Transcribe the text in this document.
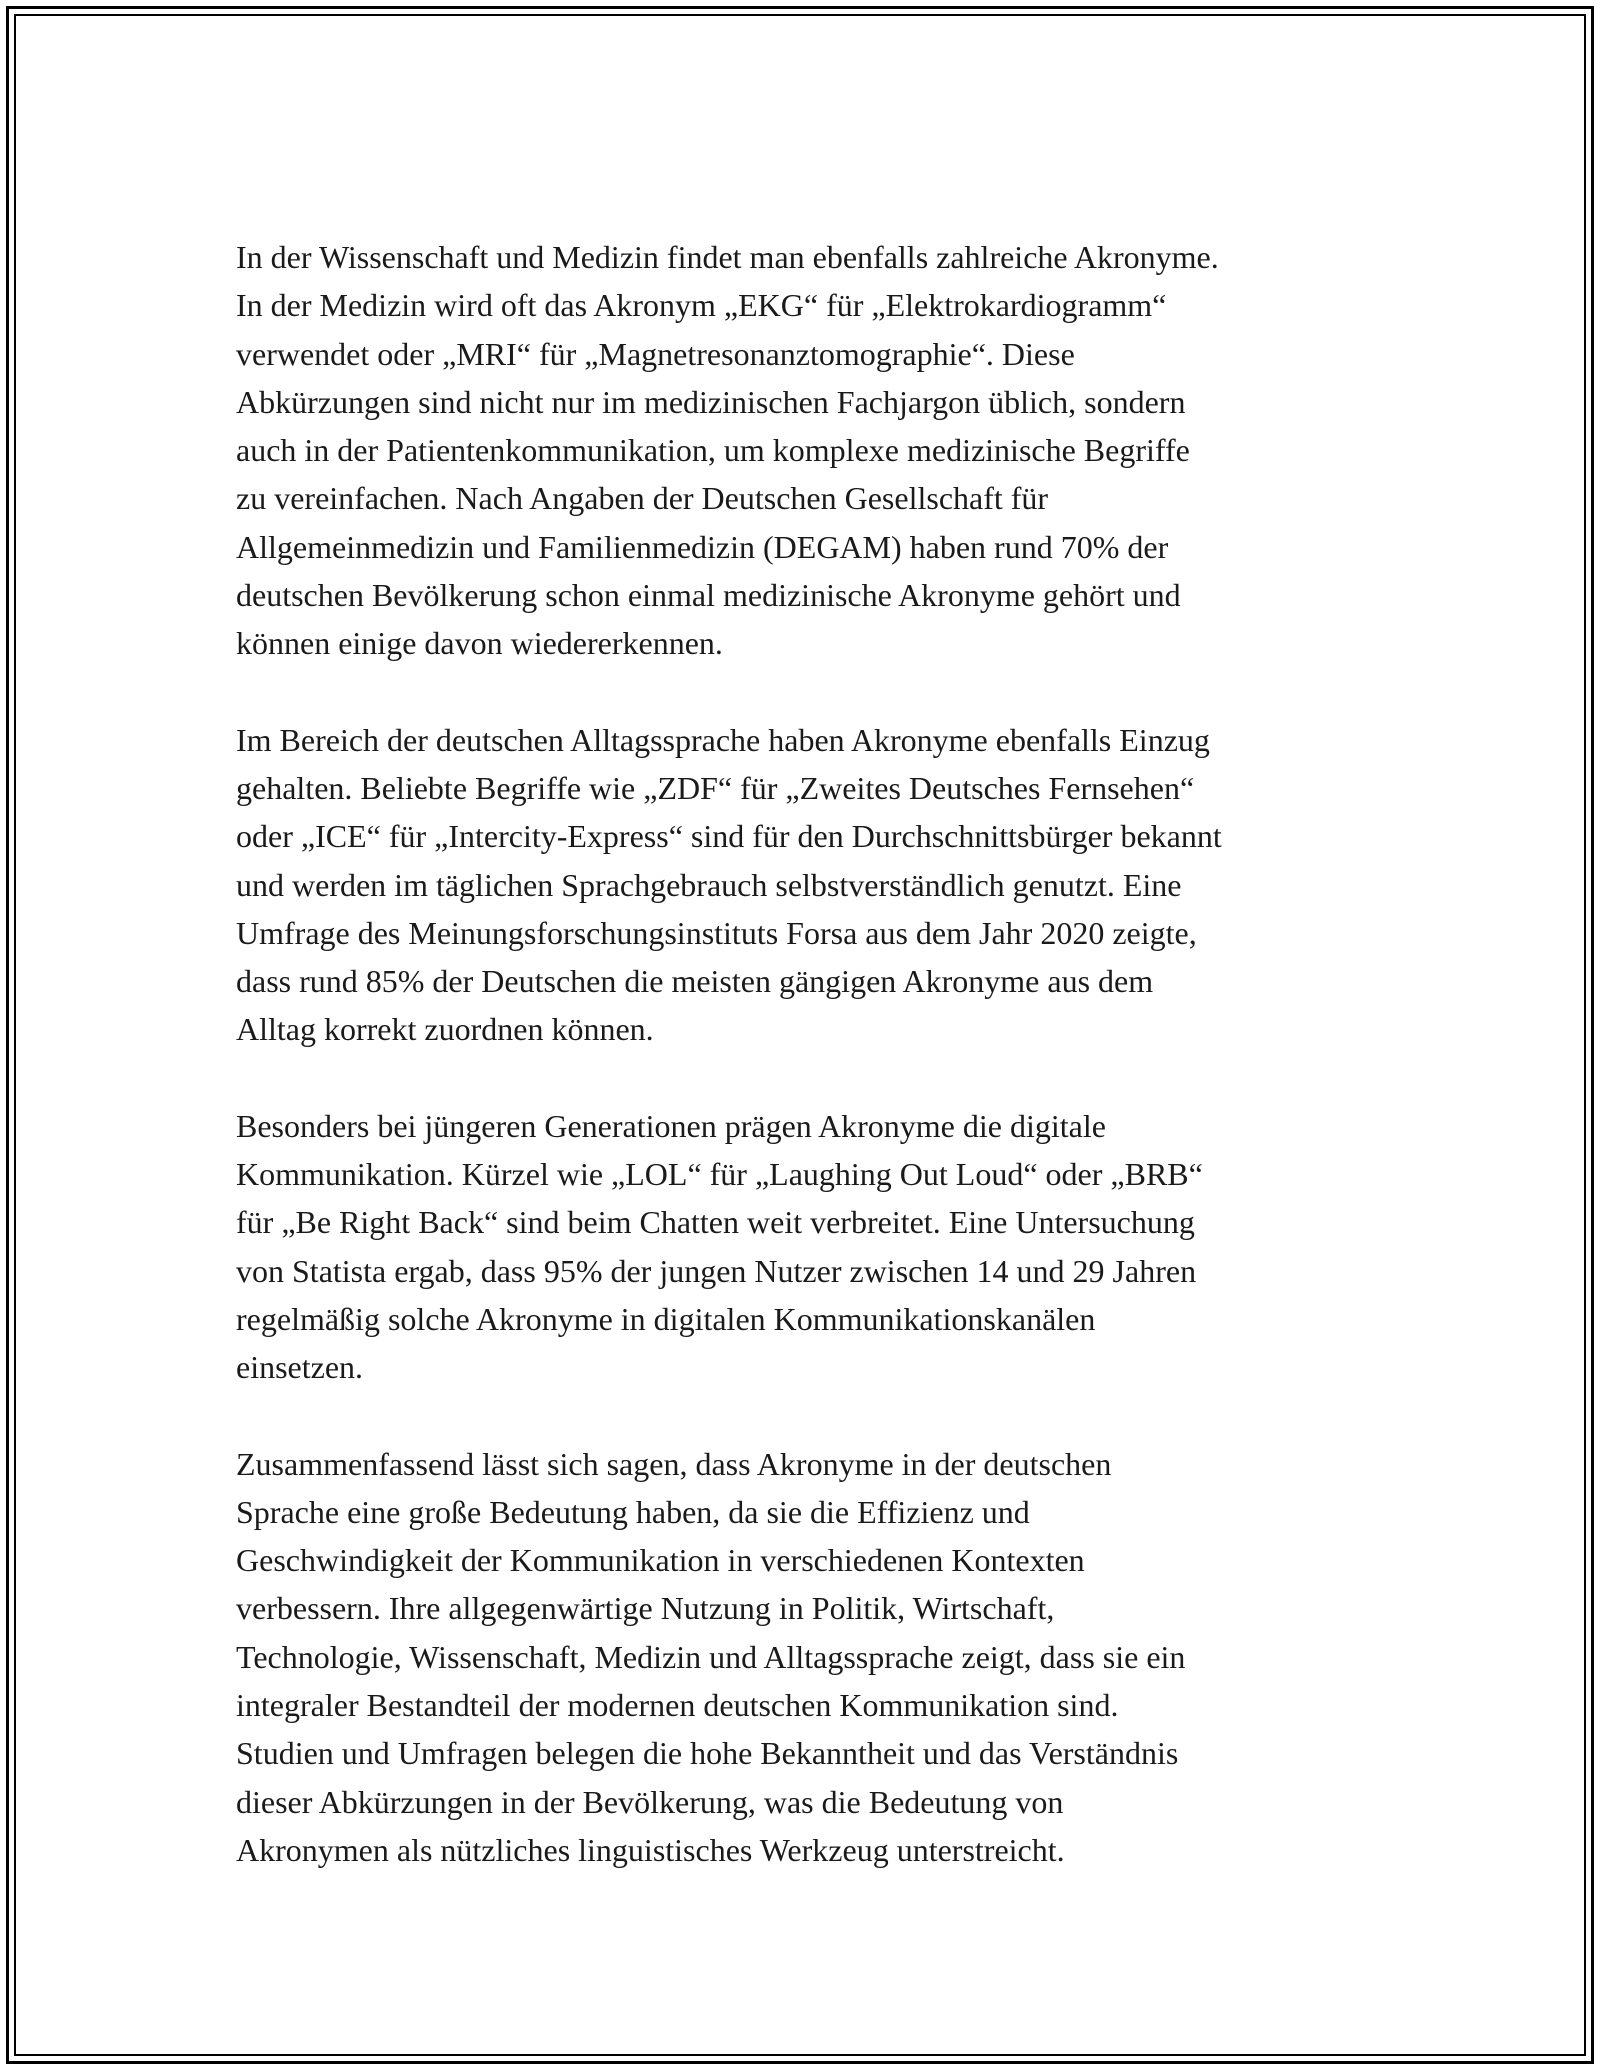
In der Wissenschaft und Medizin findet man ebenfalls zahlreiche Akronyme.
In der Medizin wird oft das Akronym „EKG“ für „Elektrokardiogramm“
verwendet oder „MRI“ für „Magnetresonanztomographie“. Diese
Abkürzungen sind nicht nur im medizinischen Fachjargon üblich, sondern
auch in der Patientenkommunikation, um komplexe medizinische Begriffe
zu vereinfachen. Nach Angaben der Deutschen Gesellschaft für
Allgemeinmedizin und Familienmedizin (DEGAM) haben rund 70% der
deutschen Bevölkerung schon einmal medizinische Akronyme gehört und
können einige davon wiedererkennen.

Im Bereich der deutschen Alltagssprache haben Akronyme ebenfalls Einzug
gehalten. Beliebte Begriffe wie „ZDF“ für „Zweites Deutsches Fernsehen“
oder „ICE“ für „Intercity-Express“ sind für den Durchschnittsbürger bekannt
und werden im täglichen Sprachgebrauch selbstverständlich genutzt. Eine
Umfrage des Meinungsforschungsinstituts Forsa aus dem Jahr 2020 zeigte,
dass rund 85% der Deutschen die meisten gängigen Akronyme aus dem
Alltag korrekt zuordnen können.

Besonders bei jüngeren Generationen prägen Akronyme die digitale
Kommunikation. Kürzel wie „LOL“ für „Laughing Out Loud“ oder „BRB“
für „Be Right Back“ sind beim Chatten weit verbreitet. Eine Untersuchung
von Statista ergab, dass 95% der jungen Nutzer zwischen 14 und 29 Jahren
regelmäßig solche Akronyme in digitalen Kommunikationskanälen
einsetzen.

Zusammenfassend lässt sich sagen, dass Akronyme in der deutschen
Sprache eine große Bedeutung haben, da sie die Effizienz und
Geschwindigkeit der Kommunikation in verschiedenen Kontexten
verbessern. Ihre allgegenwärtige Nutzung in Politik, Wirtschaft,
Technologie, Wissenschaft, Medizin und Alltagssprache zeigt, dass sie ein
integraler Bestandteil der modernen deutschen Kommunikation sind.
Studien und Umfragen belegen die hohe Bekanntheit und das Verständnis
dieser Abkürzungen in der Bevölkerung, was die Bedeutung von
Akronymen als nützliches linguistisches Werkzeug unterstreicht.
